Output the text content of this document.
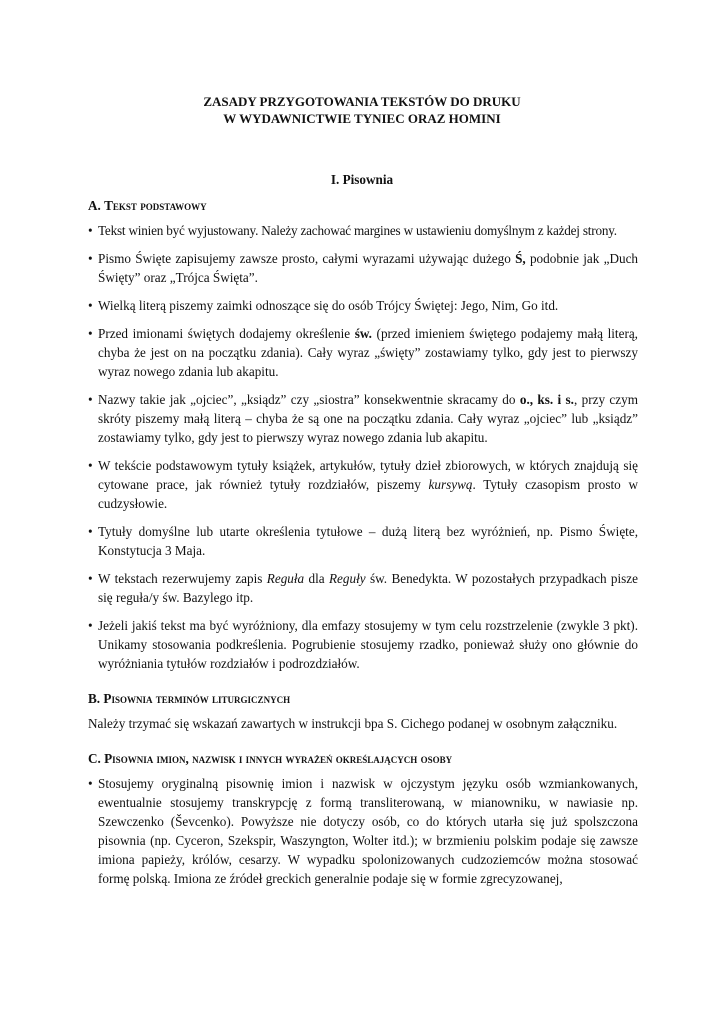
ZASADY PRZYGOTOWANIA TEKSTÓW DO DRUKU
W WYDAWNICTWIE TYNIEC ORAZ HOMINI
I. Pisownia
A. Tekst podstawowy
• Tekst winien być wyjustowany. Należy zachować margines w ustawieniu domyślnym z każdej strony.
• Pismo Święte zapisujemy zawsze prosto, całymi wyrazami używając dużego Ś, podobnie jak „Duch Święty” oraz „Trójca Święta”.
• Wielką literą piszemy zaimki odnoszące się do osób Trójcy Świętej: Jego, Nim, Go itd.
• Przed imionami świętych dodajemy określenie św. (przed imieniem świętego podajemy małą literą, chyba że jest on na początku zdania). Cały wyraz „święty” zostawiamy tylko, gdy jest to pierwszy wyraz nowego zdania lub akapitu.
• Nazwy takie jak „ojciec”, „ksiądz” czy „siostra” konsekwentnie skracamy do o., ks. i s., przy czym skróty piszemy małą literą – chyba że są one na początku zdania. Cały wyraz „ojciec” lub „ksiądz” zostawiamy tylko, gdy jest to pierwszy wyraz nowego zdania lub akapitu.
• W tekście podstawowym tytuły książek, artykułów, tytuły dzieł zbiorowych, w których znajdują się cytowane prace, jak również tytuły rozdziałów, piszemy kursywą. Tytuły czasopism prosto w cudzysłowie.
• Tytuły domyślne lub utarte określenia tytułowe – dużą literą bez wyróżnień, np. Pismo Święte, Konstytucja 3 Maja.
• W tekstach rezerwujemy zapis Reguła dla Reguły św. Benedykta. W pozostałych przypadkach pisze się reguła/y św. Bazylego itp.
• Jeżeli jakiś tekst ma być wyróżniony, dla emfazy stosujemy w tym celu rozstrzelenie (zwykle 3 pkt). Unikamy stosowania podkreślenia. Pogrubienie stosujemy rzadko, ponieważ służy ono głównie do wyróżniania tytułów rozdziałów i podrozdziałów.
B. Pisownia terminów liturgicznych
Należy trzymać się wskazań zawartych w instrukcji bpa S. Cichego podanej w osobnym załączniku.
C. Pisownia imion, nazwisk i innych wyrażeń określających osoby
• Stosujemy oryginalną pisownię imion i nazwisk w ojczystym języku osób wzmiankowanych, ewentualnie stosujemy transkrypcję z formą transliterowaną, w mianowniku, w nawiasie np. Szewczenko (Ševcenko). Powyższe nie dotyczy osób, co do których utarła się już spolszczona pisownia (np. Cyceron, Szekspir, Waszyngton, Wolter itd.); w brzmieniu polskim podaje się zawsze imiona papieży, królów, cesarzy. W wypadku spolonizowanych cudzoziemców można stosować formę polską. Imiona ze źródeł greckich generalnie podaje się w formie zgrecyzowanej,
